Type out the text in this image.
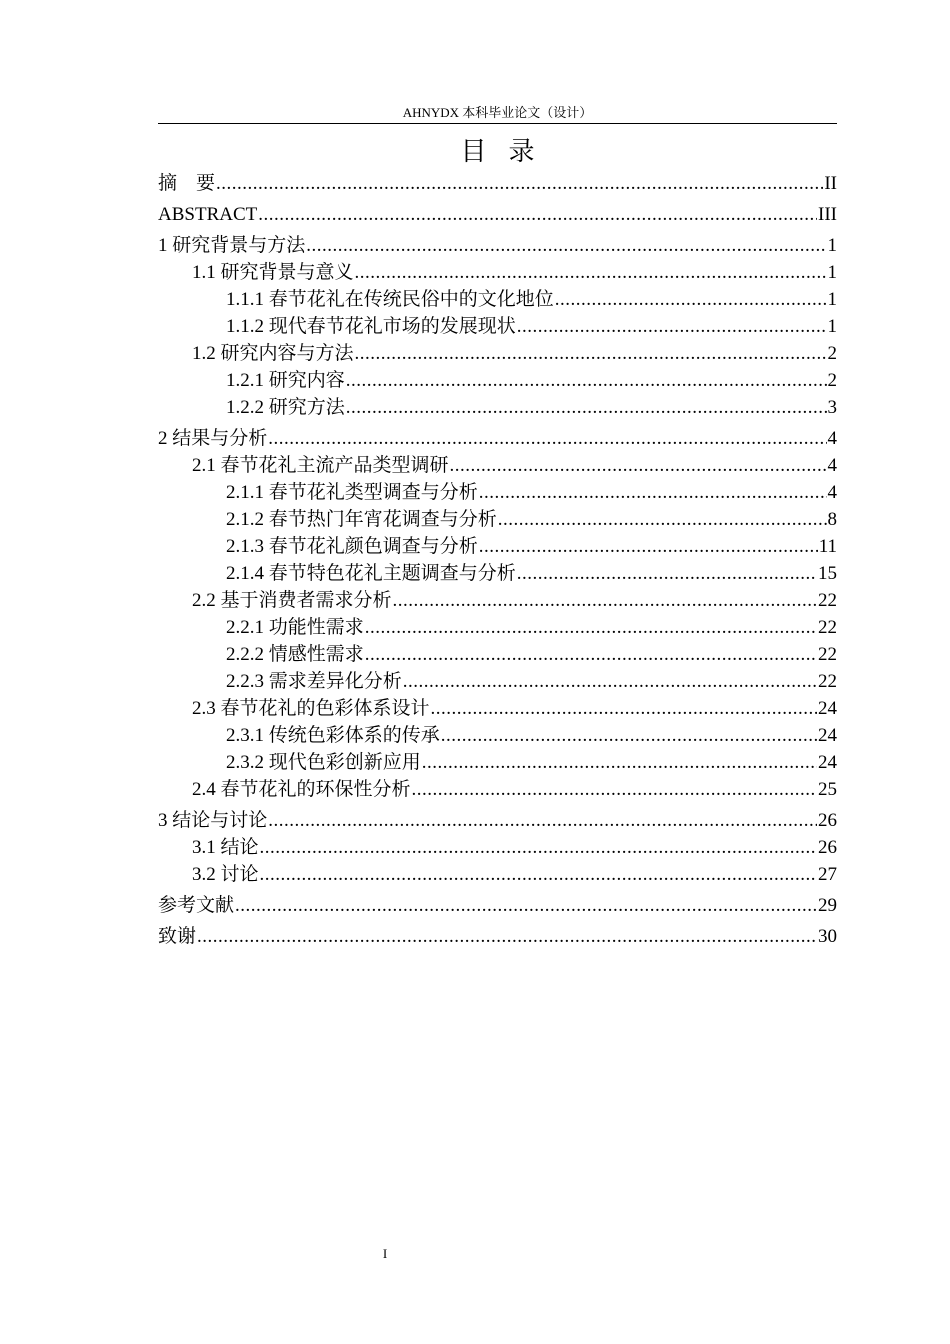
AHNYDX 本科毕业论文（设计）
目录
摘　要 .....	II
ABSTRACT .....	III
1 研究背景与方法 .....	1
1.1 研究背景与意义 .....	1
1.1.1 春节花礼在传统民俗中的文化地位 .....	1
1.1.2 现代春节花礼市场的发展现状 .....	1
1.2 研究内容与方法 .....	2
1.2.1 研究内容 .....	2
1.2.2 研究方法 .....	3
2 结果与分析 .....	4
2.1 春节花礼主流产品类型调研 .....	4
2.1.1 春节花礼类型调查与分析 .....	4
2.1.2 春节热门年宵花调查与分析 .....	8
2.1.3 春节花礼颜色调查与分析 .....	11
2.1.4 春节特色花礼主题调查与分析 .....	15
2.2 基于消费者需求分析 .....	22
2.2.1 功能性需求 .....	22
2.2.2 情感性需求 .....	22
2.2.3 需求差异化分析 .....	22
2.3 春节花礼的色彩体系设计 .....	24
2.3.1 传统色彩体系的传承 .....	24
2.3.2 现代色彩创新应用 .....	24
2.4 春节花礼的环保性分析 .....	25
3 结论与讨论 .....	26
3.1 结论 .....	26
3.2 讨论 .....	27
参考文献 .....	29
致谢 .....	30
I
